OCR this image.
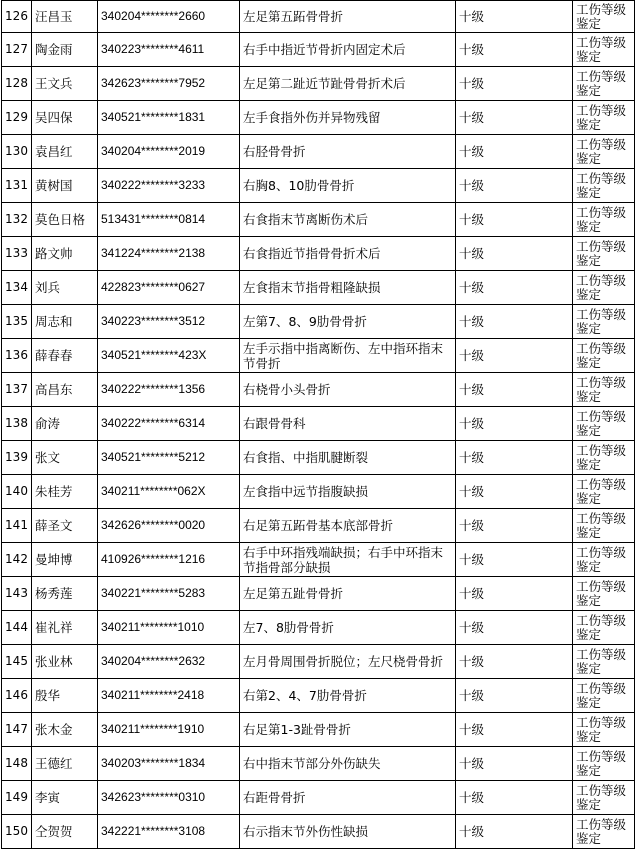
126	汪昌玉	340204********2660	左足第五跖骨骨折	十级	工伤等级鉴定
127	陶金雨	340223********4611	右手中指近节骨折内固定术后	十级	工伤等级鉴定
128	王文兵	342623********7952	左足第二趾近节趾骨骨折术后	十级	工伤等级鉴定
129	吴四保	340521********1831	左手食指外伤并异物残留	十级	工伤等级鉴定
130	袁昌红	340204********2019	右胫骨骨折	十级	工伤等级鉴定
131	黄树国	340222********3233	右胸8、10肋骨骨折	十级	工伤等级鉴定
132	莫色日格	513431********0814	右食指末节离断伤术后	十级	工伤等级鉴定
133	路文帅	341224********2138	右食指近节指骨骨折术后	十级	工伤等级鉴定
134	刘兵	422823********0627	左食指末节指骨粗隆缺损	十级	工伤等级鉴定
135	周志和	340223********3512	左第7、8、9肋骨骨折	十级	工伤等级鉴定
136	薛春春	340521********423X	左手示指中指离断伤、左中指环指末节骨折	十级	工伤等级鉴定
137	高昌东	340222********1356	右桡骨小头骨折	十级	工伤等级鉴定
138	俞涛	340222********6314	右跟骨骨科	十级	工伤等级鉴定
139	张文	340521********5212	右食指、中指肌腱断裂	十级	工伤等级鉴定
140	朱桂芳	340211********062X	左食指中远节指腹缺损	十级	工伤等级鉴定
141	薛圣文	342626********0020	右足第五跖骨基本底部骨折	十级	工伤等级鉴定
142	曼坤博	410926********1216	右手中环指残端缺损；右手中环指末节指骨部分缺损	十级	工伤等级鉴定
143	杨秀莲	340221********5283	左足第五趾骨骨折	十级	工伤等级鉴定
144	崔礼祥	340211********1010	左7、8肋骨骨折	十级	工伤等级鉴定
145	张业林	340204********2632	左月骨周围骨折脱位；左尺桡骨骨折	十级	工伤等级鉴定
146	殷华	340211********2418	右第2、4、7肋骨骨折	十级	工伤等级鉴定
147	张木金	340211********1910	右足第1-3趾骨骨折	十级	工伤等级鉴定
148	王德红	340203********1834	右中指末节部分外伤缺失	十级	工伤等级鉴定
149	李寅	342623********0310	右距骨骨折	十级	工伤等级鉴定
150	仝贺贺	342221********3108	右示指末节外伤性缺损	十级	工伤等级鉴定
